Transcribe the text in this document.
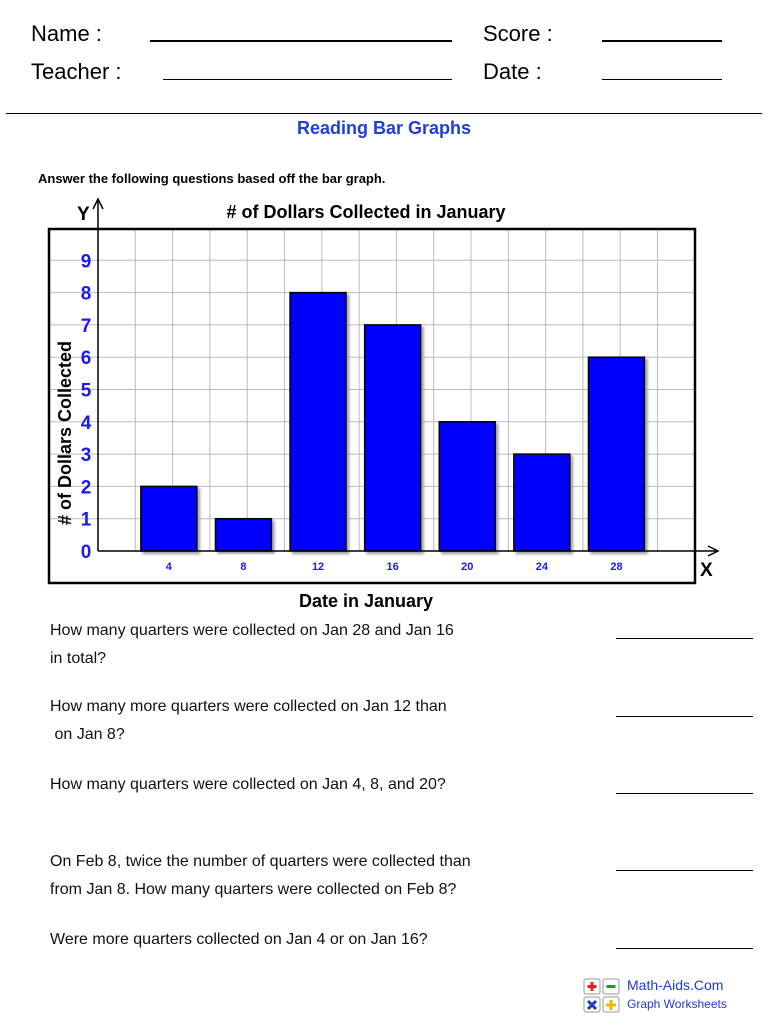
Name :	Score :
Teacher :	Date :
Reading Bar Graphs
Answer the following questions based off the bar graph.
Y
X
# of Dollars Collected in January
Date in January
# of Dollars Collected
0
1
2
3
4
5
6
7
8
9
4	8	12	16	20	24	28
How many quarters were collected on Jan 28 and Jan 16
in total?
How many more quarters were collected on Jan 12 than
on Jan 8?
How many quarters were collected on Jan 4, 8, and 20?
On Feb 8, twice the number of quarters were collected than
from Jan 8. How many quarters were collected on Feb 8?
Were more quarters collected on Jan 4 or on Jan 16?
Math-Aids.Com
Graph Worksheets
